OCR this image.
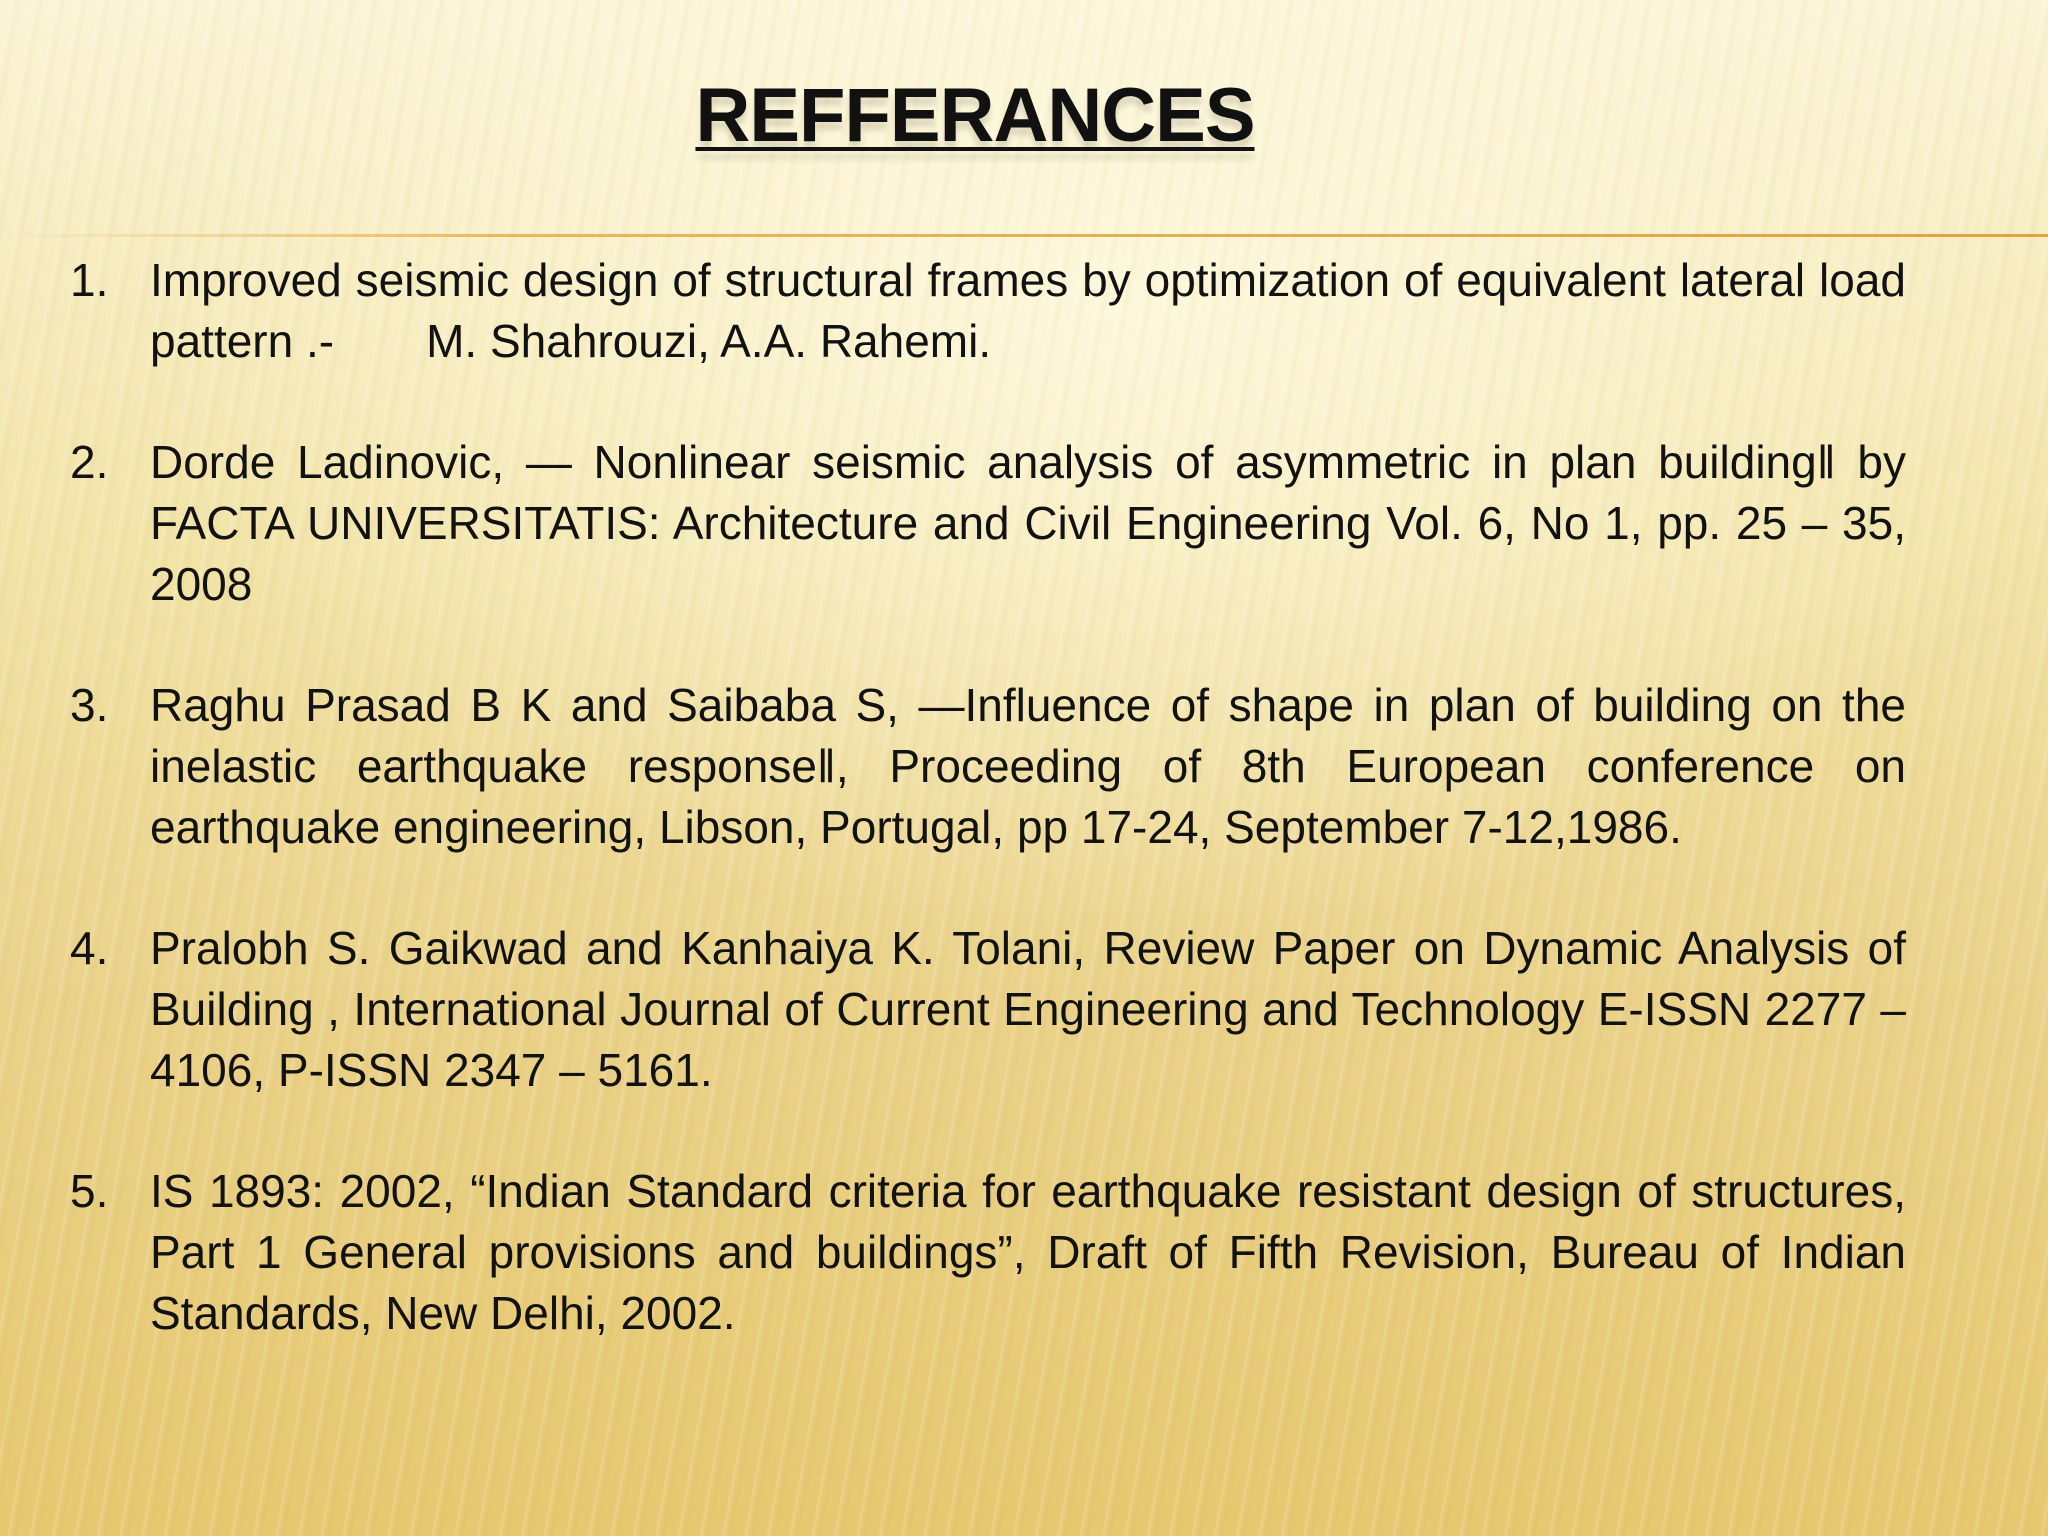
REFFERANCES
1. Improved seismic design of structural frames by optimization of equivalent lateral load pattern .-  M. Shahrouzi, A.A. Rahemi.
2. Dorde Ladinovic, — Nonlinear seismic analysis of asymmetric in plan building‖ by FACTA UNIVERSITATIS: Architecture and Civil Engineering Vol. 6, No 1, pp. 25 – 35, 2008
3. Raghu Prasad B K and Saibaba S, —Influence of shape in plan of building on the inelastic earthquake response‖, Proceeding of 8th European conference on earthquake engineering, Libson, Portugal, pp 17-24, September 7-12,1986.
4. Pralobh S. Gaikwad and Kanhaiya K. Tolani, Review Paper on Dynamic Analysis of Building , International Journal of Current Engineering and Technology E-ISSN 2277 – 4106, P-ISSN 2347 – 5161.
5. IS 1893: 2002, “Indian Standard criteria for earthquake resistant design of structures, Part 1 General provisions and buildings”, Draft of Fifth Revision, Bureau of Indian Standards, New Delhi, 2002.
